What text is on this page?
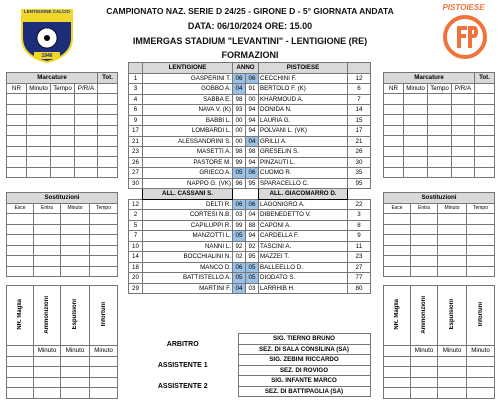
CAMPIONATO NAZ. SERIE D 24/25 - GIRONE D - 5° GIORNATA ANDATA
DATA: 06/10/2024 ORE: 15.00
IMMERGAS STADIUM "LEVANTINI" - LENTIGIONE (RE)
FORMAZIONI
LENTIGIONE CALCIO
1946
PISTOIESE
	LENTIGIONE	ANNO		PISTOIESE	
1	GASPERINI T.	06	06	CECCHINI F.	12
3	GOBBO A.	04	91	BERTOLO F. (K)	6
4	SABBA E.	98	00	KHARMOUD A.	7
6	NAVA V. (K)	93	94	DONIDA N.	14
9	BABBI L.	00	94	LAURIA G.	15
17	LOMBARDI L.	00	94	POLVANI L. (VK)	17
21	ALESSANDRINI S.	00	04	GRILLI A.	21
23	MASETTI A.	98	98	GRESELIN S.	26
26	PASTORE M.	99	94	PINZAUTI L.	30
27	GRIECO A.	05	06	CUOMO R.	35
30	NAPPO G. (VK)	96	95	SPARACELLO C.	95
	ALL. CASSANI S.			ALL. GIACOMARRO D.	
12	DELTI R.	06	06	LAGONIGRO A.	22
2	CORTESI N.B.	03	04	DIBENEDETTO V.	3
5	CAPILUPPI R.	99	88	CAPONI A.	8
7	MANZOTTI L.	05	94	CARDELLA F.	9
10	NANNI L.	92	92	TASCINI A.	11
14	BOCCHIALINI N.	02	95	MAZZEI T.	23
18	MANCO D.	06	05	BALLEELLO D.	27
20	BATTISTELLO A.	05	05	DIODATO S.	77
29	MARTINI F.	04	03	LARRHIB H.	80
Marcature				Tot.
NR	Minuto	Tempo	P/R/A	

Sostituzioni			
Esce	Entra	Minuto	Tempo

NR. Maglia	Ammonizioni	Espulsioni	Infortuni
	Minuto	Minuto	Minuto

Marcature				Tot.
NR	Minuto	Tempo	P/R/A	

Sostituzioni			
Esce	Entra	Minuto	Tempo

NR. Maglia	Ammonizioni	Espulsioni	Infortuni
	Minuto	Minuto	Minuto

ARBITRO	SIG. TIERNO BRUNO
	SEZ. DI SALA CONSILINA (SA)
ASSISTENTE 1	SIG. ZEBINI RICCARDO
	SEZ. DI ROVIGO
ASSISTENTE 2	SIG. INFANTE MARCO
	SEZ. DI BATTIPAGLIA (SA)
